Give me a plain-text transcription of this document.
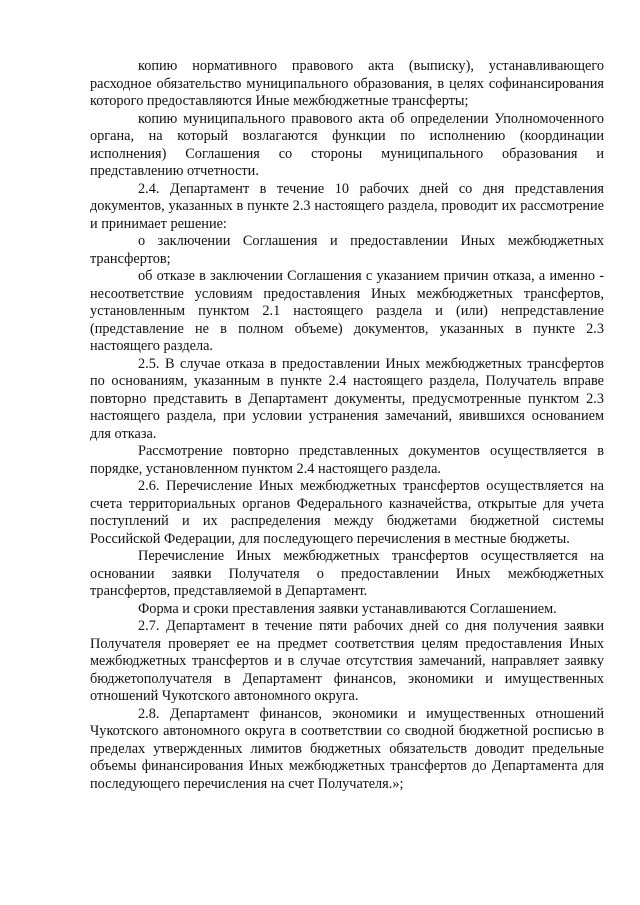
копию нормативного правового акта (выписку), устанавливающего расходное обязательство муниципального образования, в целях софинансирования которого предоставляются Иные межбюджетные трансферты;

копию муниципального правового акта об определении Уполномоченного органа, на который возлагаются функции по исполнению (координации исполнения) Соглашения со стороны муниципального образования и представлению отчетности.

2.4. Департамент в течение 10 рабочих дней со дня представления документов, указанных в пункте 2.3 настоящего раздела, проводит их рассмотрение и принимает решение:

о заключении Соглашения и предоставлении Иных межбюджетных трансфертов;

об отказе в заключении Соглашения с указанием причин отказа, а именно - несоответствие условиям предоставления Иных межбюджетных трансфертов, установленным пунктом 2.1 настоящего раздела и (или) непредставление (представление не в полном объеме) документов, указанных в пункте 2.3 настоящего раздела.

2.5. В случае отказа в предоставлении Иных межбюджетных трансфертов по основаниям, указанным в пункте 2.4 настоящего раздела, Получатель вправе повторно представить в Департамент документы, предусмотренные пунктом 2.3 настоящего раздела, при условии устранения замечаний, явившихся основанием для отказа.

Рассмотрение повторно представленных документов осуществляется в порядке, установленном пунктом 2.4 настоящего раздела.

2.6. Перечисление Иных межбюджетных трансфертов осуществляется на счета территориальных органов Федерального казначейства, открытые для учета поступлений и их распределения между бюджетами бюджетной системы Российской Федерации, для последующего перечисления в местные бюджеты.

Перечисление Иных межбюджетных трансфертов осуществляется на основании заявки Получателя о предоставлении Иных межбюджетных трансфертов, представляемой в Департамент.

Форма и сроки преставления заявки устанавливаются Соглашением.

2.7. Департамент в течение пяти рабочих дней со дня получения заявки Получателя проверяет ее на предмет соответствия целям предоставления Иных межбюджетных трансфертов и в случае отсутствия замечаний, направляет заявку бюджетополучателя в Департамент финансов, экономики и имущественных отношений Чукотского автономного округа.

2.8. Департамент финансов, экономики и имущественных отношений Чукотского автономного округа в соответствии со сводной бюджетной росписью в пределах утвержденных лимитов бюджетных обязательств доводит предельные объемы финансирования Иных межбюджетных трансфертов до Департамента для последующего перечисления на счет Получателя.»;
